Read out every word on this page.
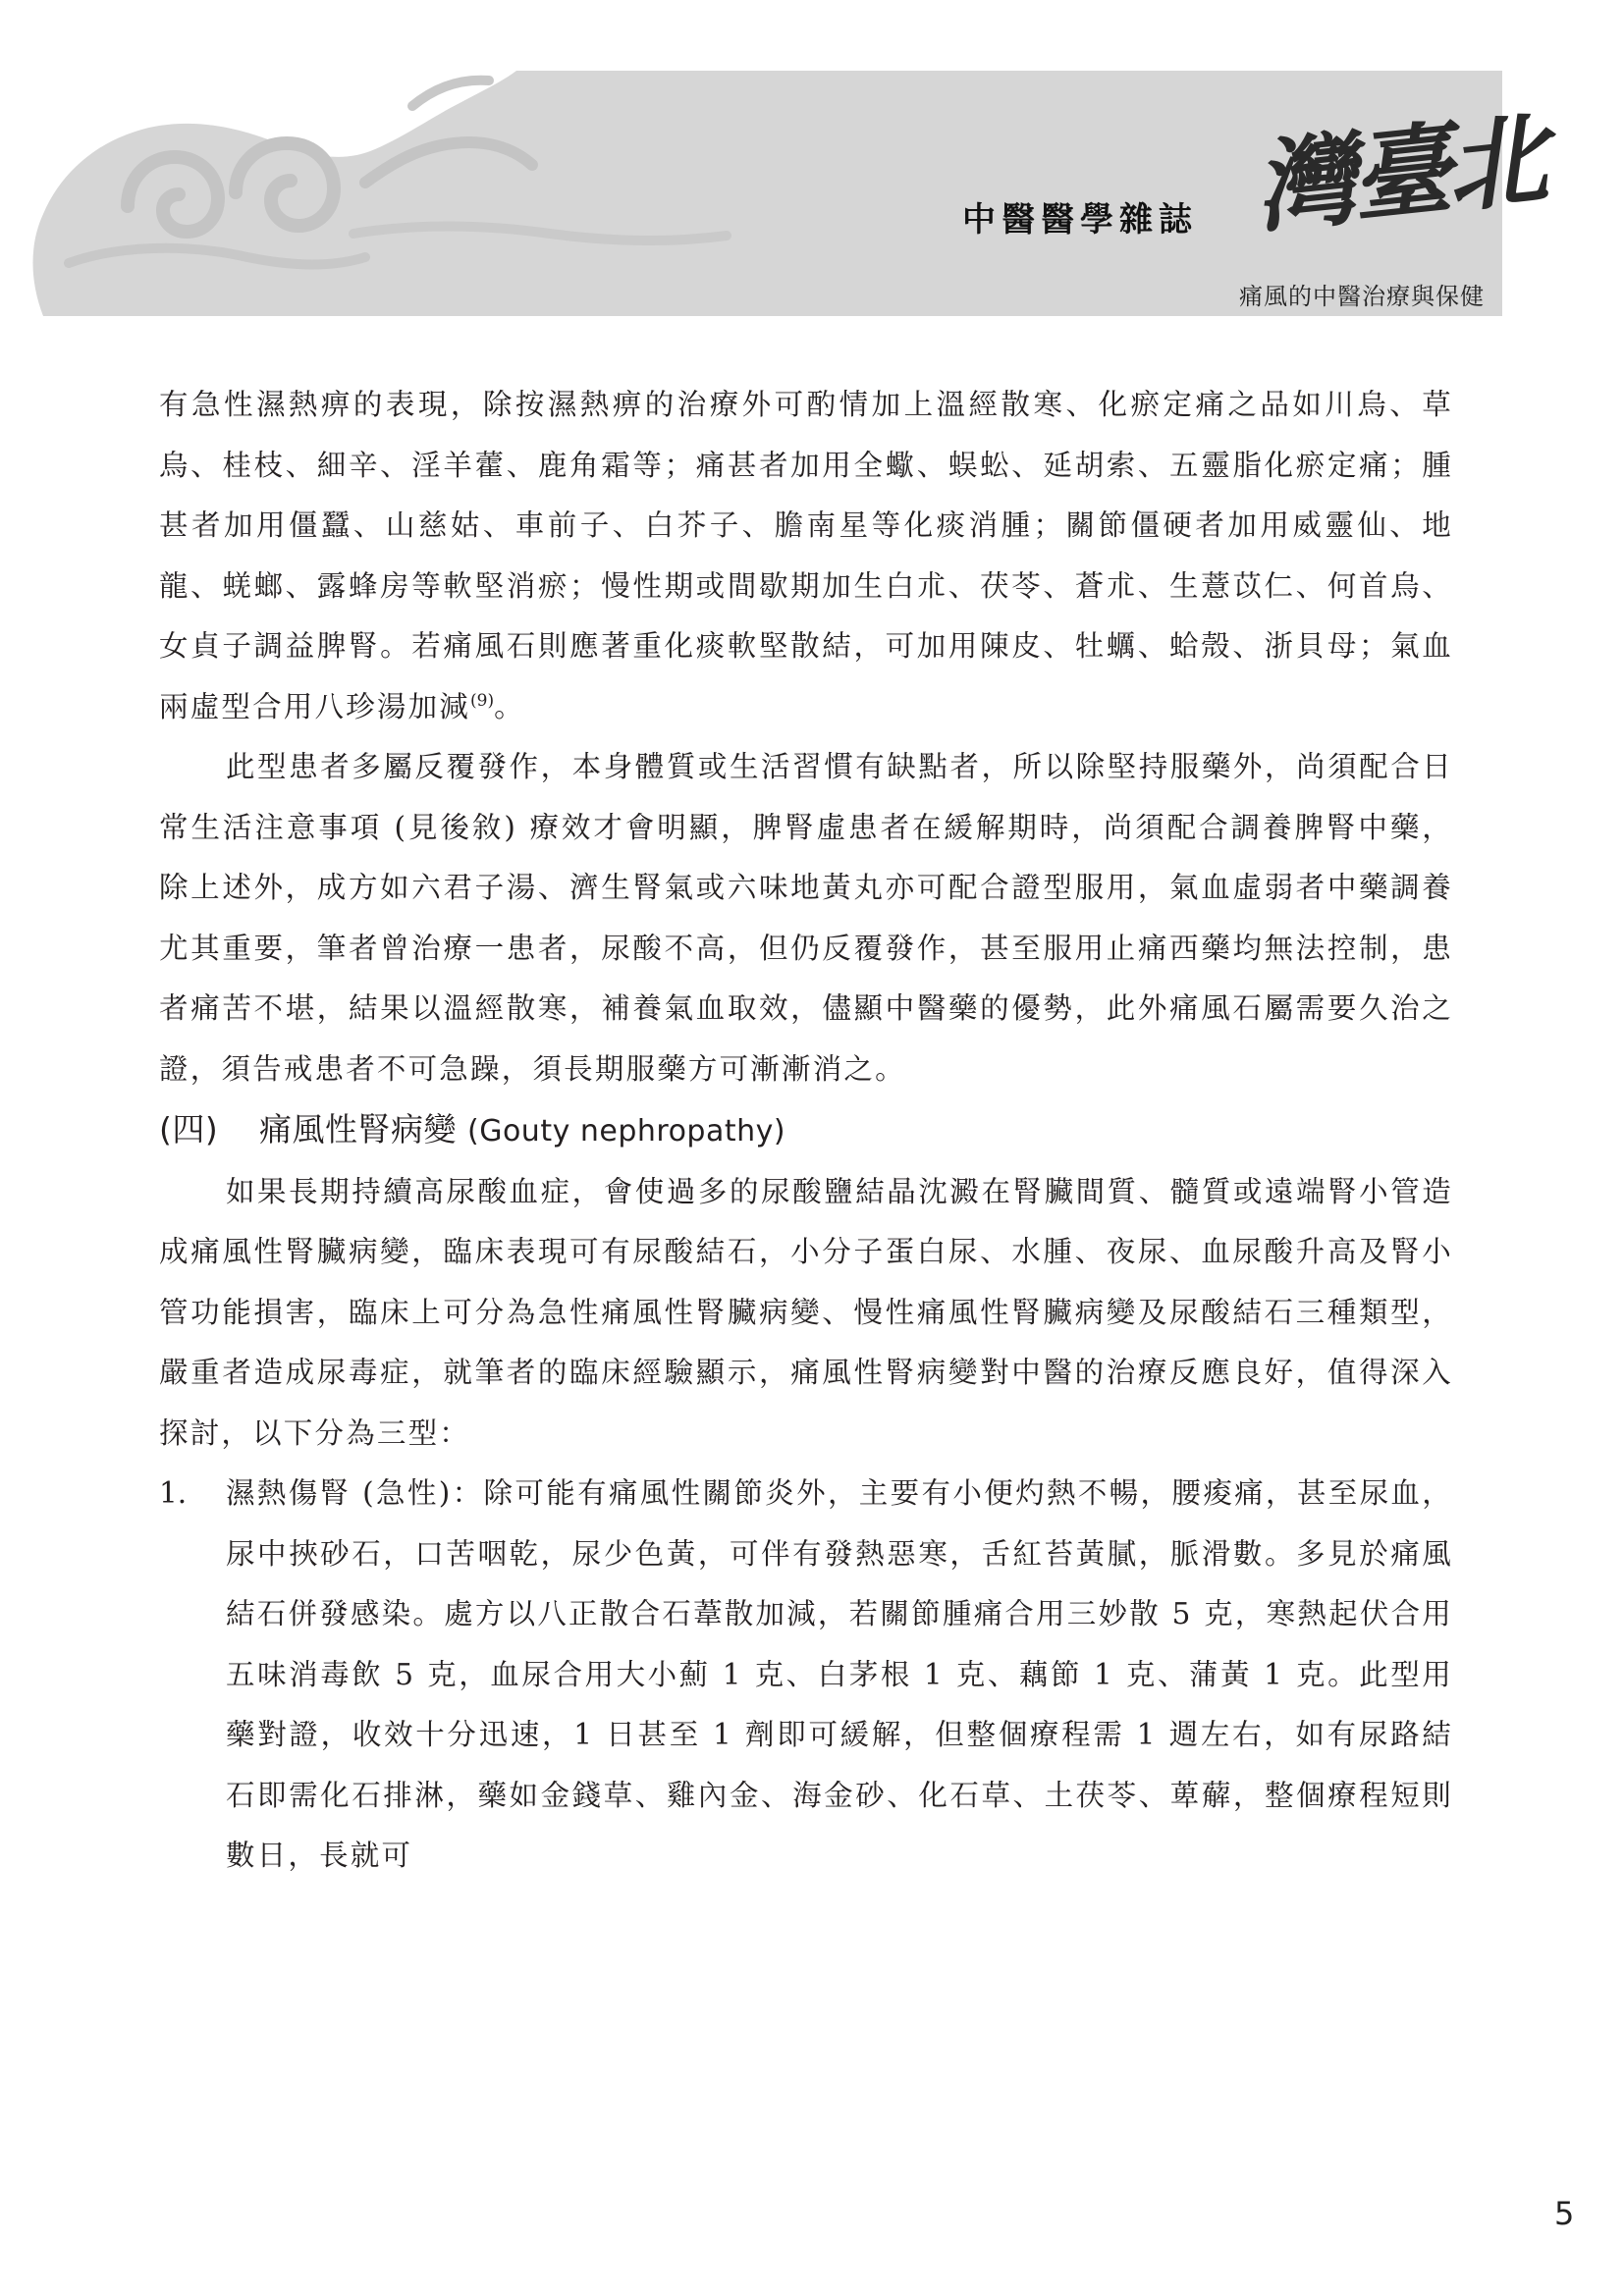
中醫醫學雜誌 灣臺北
痛風的中醫治療與保健

有急性濕熱痹的表現，除按濕熱痹的治療外可酌情加上溫經散寒、化瘀定痛之品如川烏、草烏、桂枝、細辛、淫羊藿、鹿角霜等；痛甚者加用全蠍、蜈蚣、延胡索、五靈脂化瘀定痛；腫甚者加用僵蠶、山慈姑、車前子、白芥子、膽南星等化痰消腫；關節僵硬者加用威靈仙、地龍、蜣螂、露蜂房等軟堅消瘀；慢性期或間歇期加生白朮、茯苓、蒼朮、生薏苡仁、何首烏、女貞子調益脾腎。若痛風石則應著重化痰軟堅散結，可加用陳皮、牡蠣、蛤殼、浙貝母；氣血兩虛型合用八珍湯加減$^{(9)}$。

此型患者多屬反覆發作，本身體質或生活習慣有缺點者，所以除堅持服藥外，尚須配合日常生活注意事項 (見後敘) 療效才會明顯，脾腎虛患者在緩解期時，尚須配合調養脾腎中藥，除上述外，成方如六君子湯、濟生腎氣或六味地黃丸亦可配合證型服用，氣血虛弱者中藥調養尤其重要，筆者曾治療一患者，尿酸不高，但仍反覆發作，甚至服用止痛西藥均無法控制，患者痛苦不堪，結果以溫經散寒，補養氣血取效，儘顯中醫藥的優勢，此外痛風石屬需要久治之證，須告戒患者不可急躁，須長期服藥方可漸漸消之。

(四) 痛風性腎病變 (Gouty nephropathy)

如果長期持續高尿酸血症，會使過多的尿酸鹽結晶沈澱在腎臟間質、髓質或遠端腎小管造成痛風性腎臟病變，臨床表現可有尿酸結石，小分子蛋白尿、水腫、夜尿、血尿酸升高及腎小管功能損害，臨床上可分為急性痛風性腎臟病變、慢性痛風性腎臟病變及尿酸結石三種類型，嚴重者造成尿毒症，就筆者的臨床經驗顯示，痛風性腎病變對中醫的治療反應良好，值得深入探討，以下分為三型：

1. 濕熱傷腎 (急性)：除可能有痛風性關節炎外，主要有小便灼熱不暢，腰痠痛，甚至尿血，尿中挾砂石，口苦咽乾，尿少色黃，可伴有發熱惡寒，舌紅苔黃膩，脈滑數。多見於痛風結石併發感染。處方以八正散合石葦散加減，若關節腫痛合用三妙散 5 克，寒熱起伏合用五味消毒飲 5 克，血尿合用大小薊 1 克、白茅根 1 克、藕節 1 克、蒲黃 1 克。此型用藥對證，收效十分迅速，1 日甚至 1 劑即可緩解，但整個療程需 1 週左右，如有尿路結石即需化石排淋，藥如金錢草、雞內金、海金砂、化石草、土茯苓、萆薢，整個療程短則數日，長就可

5
